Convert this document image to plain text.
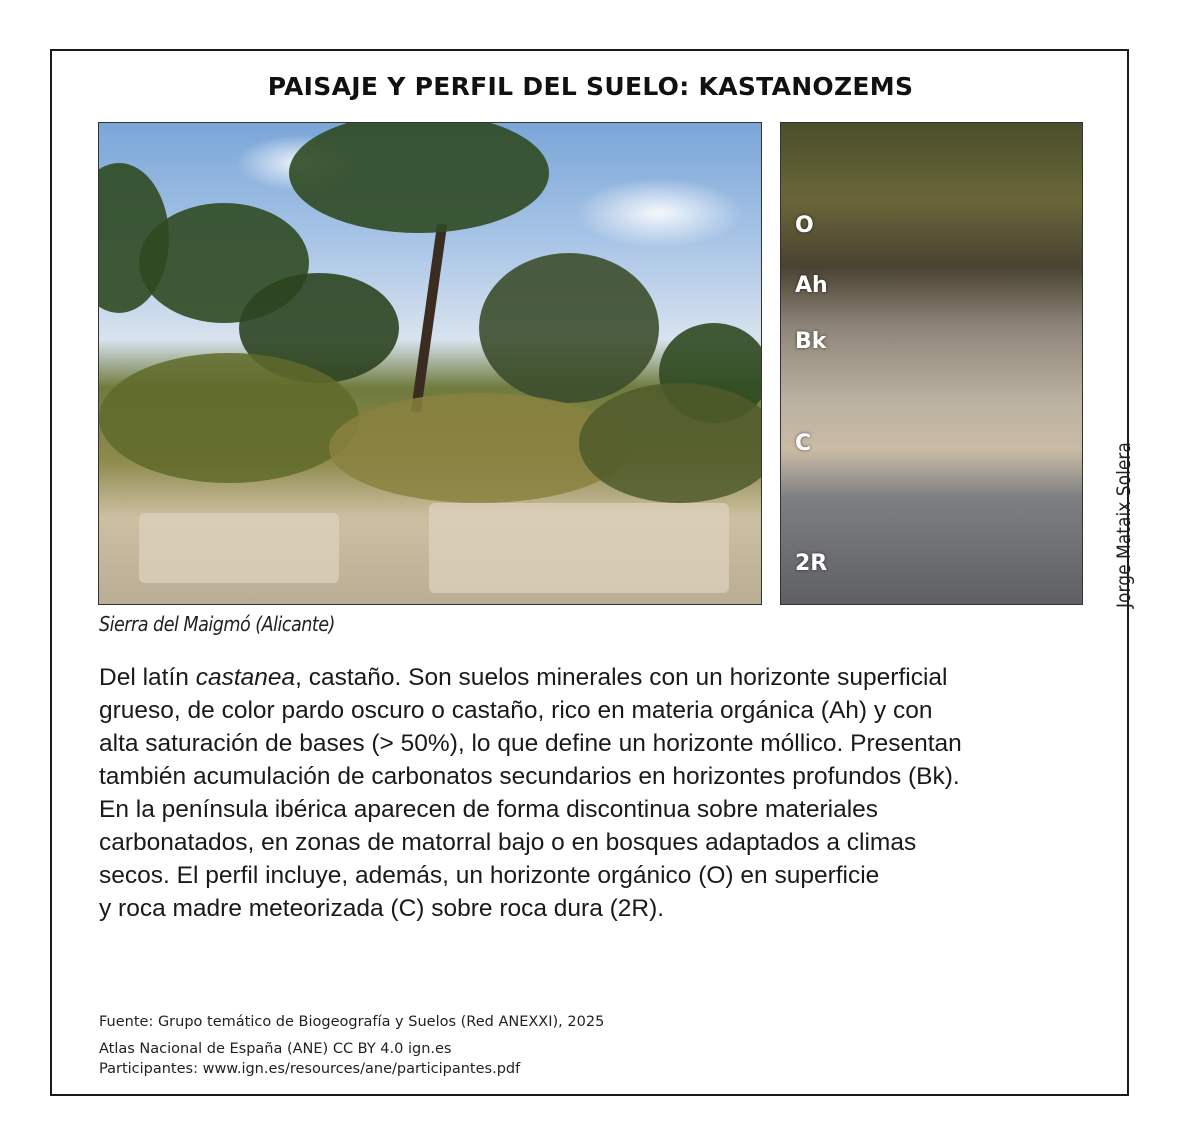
PAISAJE Y PERFIL DEL SUELO: KASTANOZEMS
O
Ah
Bk
C
2R	Jorge Mataix Solera
Sierra del Maigmó (Alicante)
Del latín castanea, castaño. Son suelos minerales con un horizonte superficial
grueso, de color pardo oscuro o castaño, rico en materia orgánica (Ah) y con
alta saturación de bases (> 50%), lo que define un horizonte móllico. Presentan
también acumulación de carbonatos secundarios en horizontes profundos (Bk).
En la península ibérica aparecen de forma discontinua sobre materiales
carbonatados, en zonas de matorral bajo o en bosques adaptados a climas
secos. El perfil incluye, además, un horizonte orgánico (O) en superficie
y roca madre meteorizada (C) sobre roca dura (2R).
Fuente: Grupo temático de Biogeografía y Suelos (Red ANEXXI), 2025
Atlas Nacional de España (ANE) CC BY 4.0 ign.es
Participantes: www.ign.es/resources/ane/participantes.pdf
